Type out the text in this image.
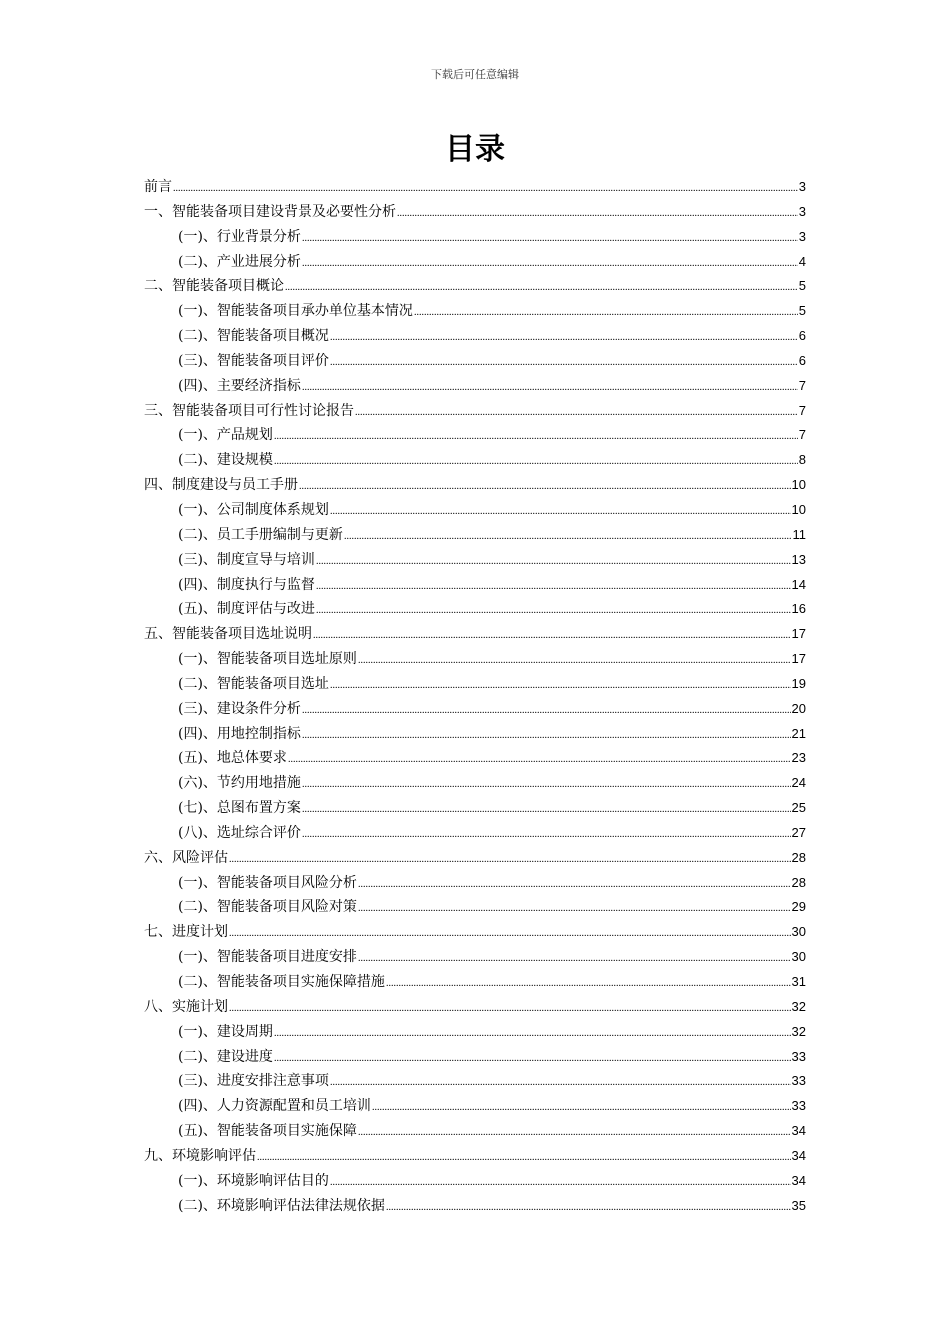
下载后可任意编辑
目录
前言 .....	3
一、智能装备项目建设背景及必要性分析 .....	3
(一)、行业背景分析 .....	3
(二)、产业进展分析 .....	4
二、智能装备项目概论 .....	5
(一)、智能装备项目承办单位基本情况 .....	5
(二)、智能装备项目概况 .....	6
(三)、智能装备项目评价 .....	6
(四)、主要经济指标 .....	7
三、智能装备项目可行性讨论报告 .....	7
(一)、产品规划 .....	7
(二)、建设规模 .....	8
四、制度建设与员工手册 .....	10
(一)、公司制度体系规划 .....	10
(二)、员工手册编制与更新 .....	11
(三)、制度宣导与培训 .....	13
(四)、制度执行与监督 .....	14
(五)、制度评估与改进 .....	16
五、智能装备项目选址说明 .....	17
(一)、智能装备项目选址原则 .....	17
(二)、智能装备项目选址 .....	19
(三)、建设条件分析 .....	20
(四)、用地控制指标 .....	21
(五)、地总体要求 .....	23
(六)、节约用地措施 .....	24
(七)、总图布置方案 .....	25
(八)、选址综合评价 .....	27
六、风险评估 .....	28
(一)、智能装备项目风险分析 .....	28
(二)、智能装备项目风险对策 .....	29
七、进度计划 .....	30
(一)、智能装备项目进度安排 .....	30
(二)、智能装备项目实施保障措施 .....	31
八、实施计划 .....	32
(一)、建设周期 .....	32
(二)、建设进度 .....	33
(三)、进度安排注意事项 .....	33
(四)、人力资源配置和员工培训 .....	33
(五)、智能装备项目实施保障 .....	34
九、环境影响评估 .....	34
(一)、环境影响评估目的 .....	34
(二)、环境影响评估法律法规依据 .....	35
